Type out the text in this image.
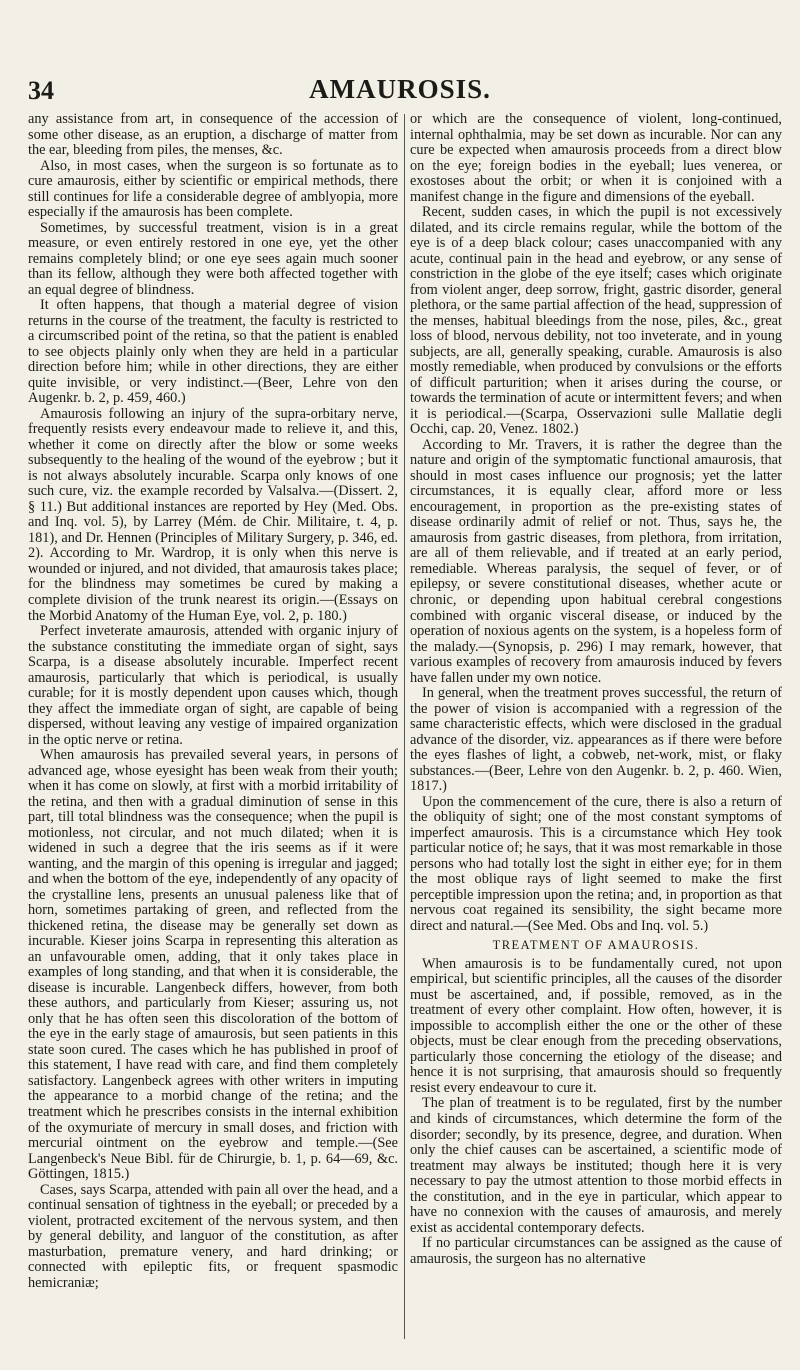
34	AMAUROSIS.

any assistance from art, in consequence of the accession of some other disease, as an eruption, a discharge of matter from the ear, bleeding from piles, the menses, &c.

Also, in most cases, when the surgeon is so fortunate as to cure amaurosis, either by scientific or empirical methods, there still continues for life a considerable degree of amblyopia, more especially if the amaurosis has been complete.

Sometimes, by successful treatment, vision is in a great measure, or even entirely restored in one eye, yet the other remains completely blind; or one eye sees again much sooner than its fellow, although they were both affected together with an equal degree of blindness.

It often happens, that though a material degree of vision returns in the course of the treatment, the faculty is restricted to a circumscribed point of the retina, so that the patient is enabled to see objects plainly only when they are held in a particular direction before him; while in other directions, they are either quite invisible, or very indistinct.—(Beer, Lehre von den Augenkr. b. 2, p. 459, 460.)

Amaurosis following an injury of the supra-orbitary nerve, frequently resists every endeavour made to relieve it, and this, whether it come on directly after the blow or some weeks subsequently to the healing of the wound of the eyebrow ; but it is not always absolutely incurable. Scarpa only knows of one such cure, viz. the example recorded by Valsalva.—(Dissert. 2, § 11.) But additional instances are reported by Hey (Med. Obs. and Inq. vol. 5), by Larrey (Mém. de Chir. Militaire, t. 4, p. 181), and Dr. Hennen (Principles of Military Surgery, p. 346, ed. 2). According to Mr. Wardrop, it is only when this nerve is wounded or injured, and not divided, that amaurosis takes place; for the blindness may sometimes be cured by making a complete division of the trunk nearest its origin.—(Essays on the Morbid Anatomy of the Human Eye, vol. 2, p. 180.)

Perfect inveterate amaurosis, attended with organic injury of the substance constituting the immediate organ of sight, says Scarpa, is a disease absolutely incurable. Imperfect recent amaurosis, particularly that which is periodical, is usually curable; for it is mostly dependent upon causes which, though they affect the immediate organ of sight, are capable of being dispersed, without leaving any vestige of impaired organization in the optic nerve or retina.

When amaurosis has prevailed several years, in persons of advanced age, whose eyesight has been weak from their youth; when it has come on slowly, at first with a morbid irritability of the retina, and then with a gradual diminution of sense in this part, till total blindness was the consequence; when the pupil is motionless, not circular, and not much dilated; when it is widened in such a degree that the iris seems as if it were wanting, and the margin of this opening is irregular and jagged; and when the bottom of the eye, independently of any opacity of the crystalline lens, presents an unusual paleness like that of horn, sometimes partaking of green, and reflected from the thickened retina, the disease may be generally set down as incurable. Kieser joins Scarpa in representing this alteration as an unfavourable omen, adding, that it only takes place in examples of long standing, and that when it is considerable, the disease is incurable. Langenbeck differs, however, from both these authors, and particularly from Kieser; assuring us, not only that he has often seen this discoloration of the bottom of the eye in the early stage of amaurosis, but seen patients in this state soon cured. The cases which he has published in proof of this statement, I have read with care, and find them completely satisfactory. Langenbeck agrees with other writers in imputing the appearance to a morbid change of the retina; and the treatment which he prescribes consists in the internal exhibition of the oxymuriate of mercury in small doses, and friction with mercurial ointment on the eyebrow and temple.—(See Langenbeck's Neue Bibl. für de Chirurgie, b. 1, p. 64—69, &c. Göttingen, 1815.)

Cases, says Scarpa, attended with pain all over the head, and a continual sensation of tightness in the eyeball; or preceded by a violent, protracted excitement of the nervous system, and then by general debility, and languor of the constitution, as after masturbation, premature venery, and hard drinking; or connected with epileptic fits, or frequent spasmodic hemicraniæ;

or which are the consequence of violent, long-continued, internal ophthalmia, may be set down as incurable. Nor can any cure be expected when amaurosis proceeds from a direct blow on the eye; foreign bodies in the eyeball; lues venerea, or exostoses about the orbit; or when it is conjoined with a manifest change in the figure and dimensions of the eyeball.

Recent, sudden cases, in which the pupil is not excessively dilated, and its circle remains regular, while the bottom of the eye is of a deep black colour; cases unaccompanied with any acute, continual pain in the head and eyebrow, or any sense of constriction in the globe of the eye itself; cases which originate from violent anger, deep sorrow, fright, gastric disorder, general plethora, or the same partial affection of the head, suppression of the menses, habitual bleedings from the nose, piles, &c., great loss of blood, nervous debility, not too inveterate, and in young subjects, are all, generally speaking, curable. Amaurosis is also mostly remediable, when produced by convulsions or the efforts of difficult parturition; when it arises during the course, or towards the termination of acute or intermittent fevers; and when it is periodical.—(Scarpa, Osservazioni sulle Mallatie degli Occhi, cap. 20, Venez. 1802.)

According to Mr. Travers, it is rather the degree than the nature and origin of the symptomatic functional amaurosis, that should in most cases influence our prognosis; yet the latter circumstances, it is equally clear, afford more or less encouragement, in proportion as the pre-existing states of disease ordinarily admit of relief or not. Thus, says he, the amaurosis from gastric diseases, from plethora, from irritation, are all of them relievable, and if treated at an early period, remediable. Whereas paralysis, the sequel of fever, or of epilepsy, or severe constitutional diseases, whether acute or chronic, or depending upon habitual cerebral congestions combined with organic visceral disease, or induced by the operation of noxious agents on the system, is a hopeless form of the malady.—(Synopsis, p. 296) I may remark, however, that various examples of recovery from amaurosis induced by fevers have fallen under my own notice.

In general, when the treatment proves successful, the return of the power of vision is accompanied with a regression of the same characteristic effects, which were disclosed in the gradual advance of the disorder, viz. appearances as if there were before the eyes flashes of light, a cobweb, net-work, mist, or flaky substances.—(Beer, Lehre von den Augenkr. b. 2, p. 460. Wien, 1817.)

Upon the commencement of the cure, there is also a return of the obliquity of sight; one of the most constant symptoms of imperfect amaurosis. This is a circumstance which Hey took particular notice of; he says, that it was most remarkable in those persons who had totally lost the sight in either eye; for in them the most oblique rays of light seemed to make the first perceptible impression upon the retina; and, in proportion as that nervous coat regained its sensibility, the sight became more direct and natural.—(See Med. Obs and Inq. vol. 5.)

TREATMENT OF AMAUROSIS.

When amaurosis is to be fundamentally cured, not upon empirical, but scientific principles, all the causes of the disorder must be ascertained, and, if possible, removed, as in the treatment of every other complaint. How often, however, it is impossible to accomplish either the one or the other of these objects, must be clear enough from the preceding observations, particularly those concerning the etiology of the disease; and hence it is not surprising, that amaurosis should so frequently resist every endeavour to cure it.

The plan of treatment is to be regulated, first by the number and kinds of circumstances, which determine the form of the disorder; secondly, by its presence, degree, and duration. When only the chief causes can be ascertained, a scientific mode of treatment may always be instituted; though here it is very necessary to pay the utmost attention to those morbid effects in the constitution, and in the eye in particular, which appear to have no connexion with the causes of amaurosis, and merely exist as accidental contemporary defects.

If no particular circumstances can be assigned as the cause of amaurosis, the surgeon has no alternative
